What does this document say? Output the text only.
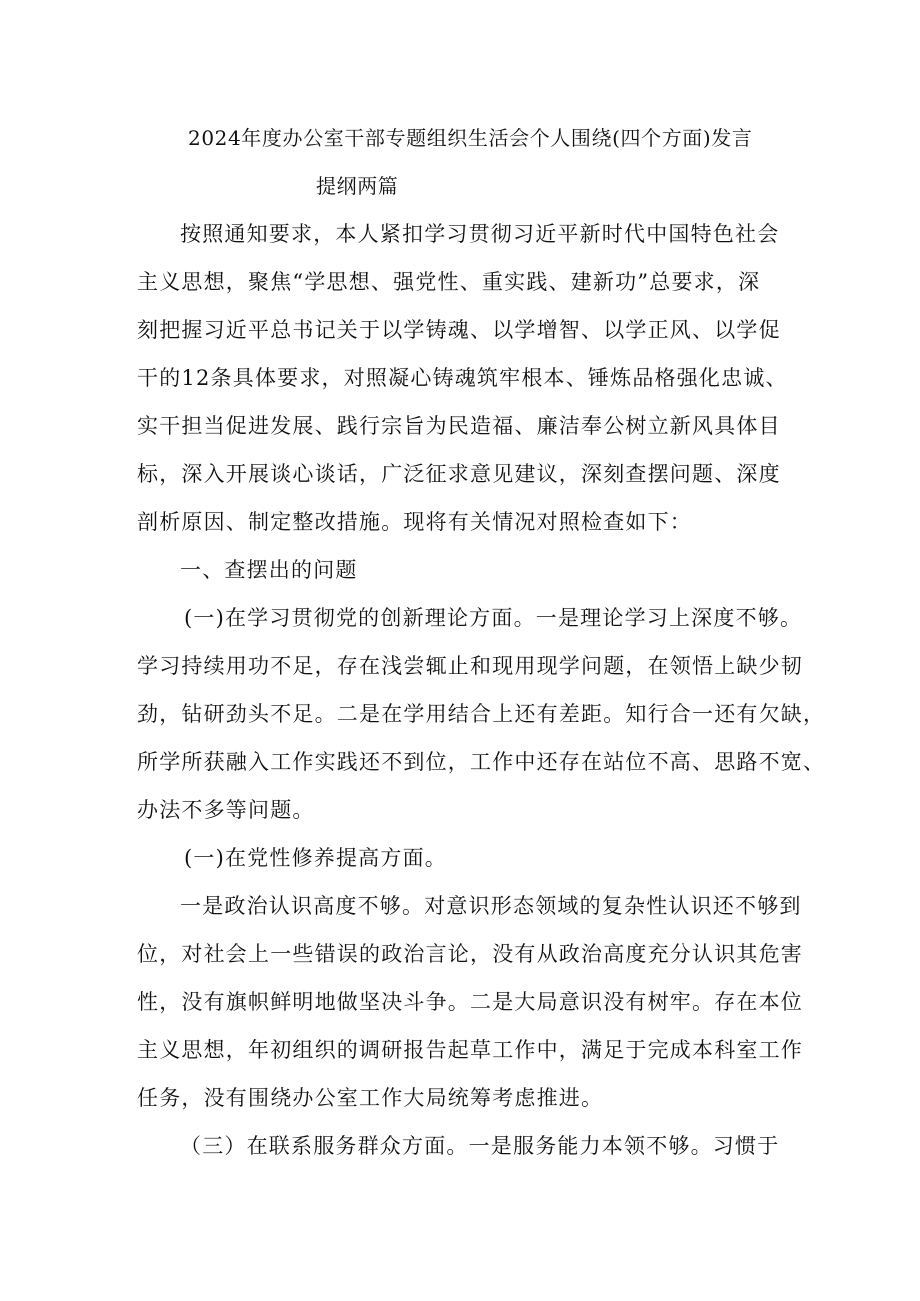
2024年度办公室干部专题组织生活会个人围绕(四个方面)发言
提纲两篇
按照通知要求，本人紧扣学习贯彻习近平新时代中国特色社会
主义思想，聚焦“学思想、强党性、重实践、建新功”总要求，深
刻把握习近平总书记关于以学铸魂、以学增智、以学正风、以学促
干的12条具体要求，对照凝心铸魂筑牢根本、锤炼品格强化忠诚、
实干担当促进发展、践行宗旨为民造福、廉洁奉公树立新风具体目
标，深入开展谈心谈话，广泛征求意见建议，深刻查摆问题、深度
剖析原因、制定整改措施。现将有关情况对照检查如下：
一、查摆出的问题
(一)在学习贯彻党的创新理论方面。一是理论学习上深度不够。
学习持续用功不足，存在浅尝辄止和现用现学问题，在领悟上缺少韧
劲，钻研劲头不足。二是在学用结合上还有差距。知行合一还有欠缺，
所学所获融入工作实践还不到位，工作中还存在站位不高、思路不宽、
办法不多等问题。
(一)在党性修养提高方面。
一是政治认识高度不够。对意识形态领域的复杂性认识还不够到
位，对社会上一些错误的政治言论，没有从政治高度充分认识其危害
性，没有旗帜鲜明地做坚决斗争。二是大局意识没有树牢。存在本位
主义思想，年初组织的调研报告起草工作中，满足于完成本科室工作
任务，没有围绕办公室工作大局统筹考虑推进。
（三）在联系服务群众方面。一是服务能力本领不够。习惯于
